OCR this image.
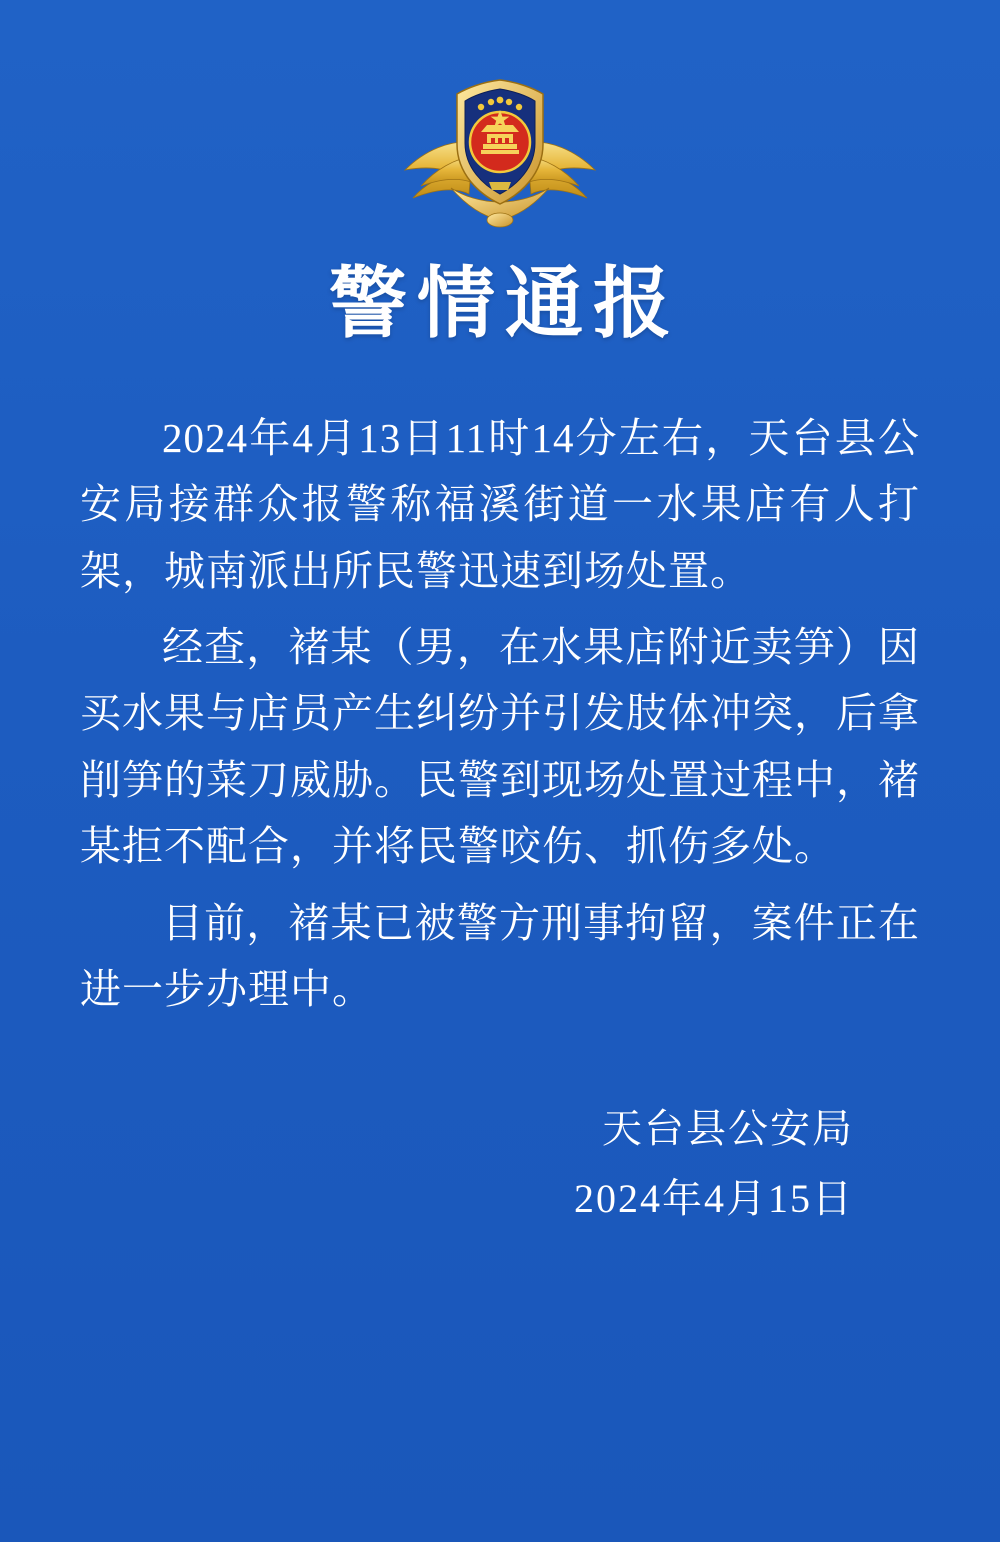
警情通报

2024年4月13日11时14分左右，天台县公安局接群众报警称福溪街道一水果店有人打架，城南派出所民警迅速到场处置。

经查，褚某（男，在水果店附近卖笋）因买水果与店员产生纠纷并引发肢体冲突，后拿削笋的菜刀威胁。民警到现场处置过程中，褚某拒不配合，并将民警咬伤、抓伤多处。

目前，褚某已被警方刑事拘留，案件正在进一步办理中。

天台县公安局
2024年4月15日
